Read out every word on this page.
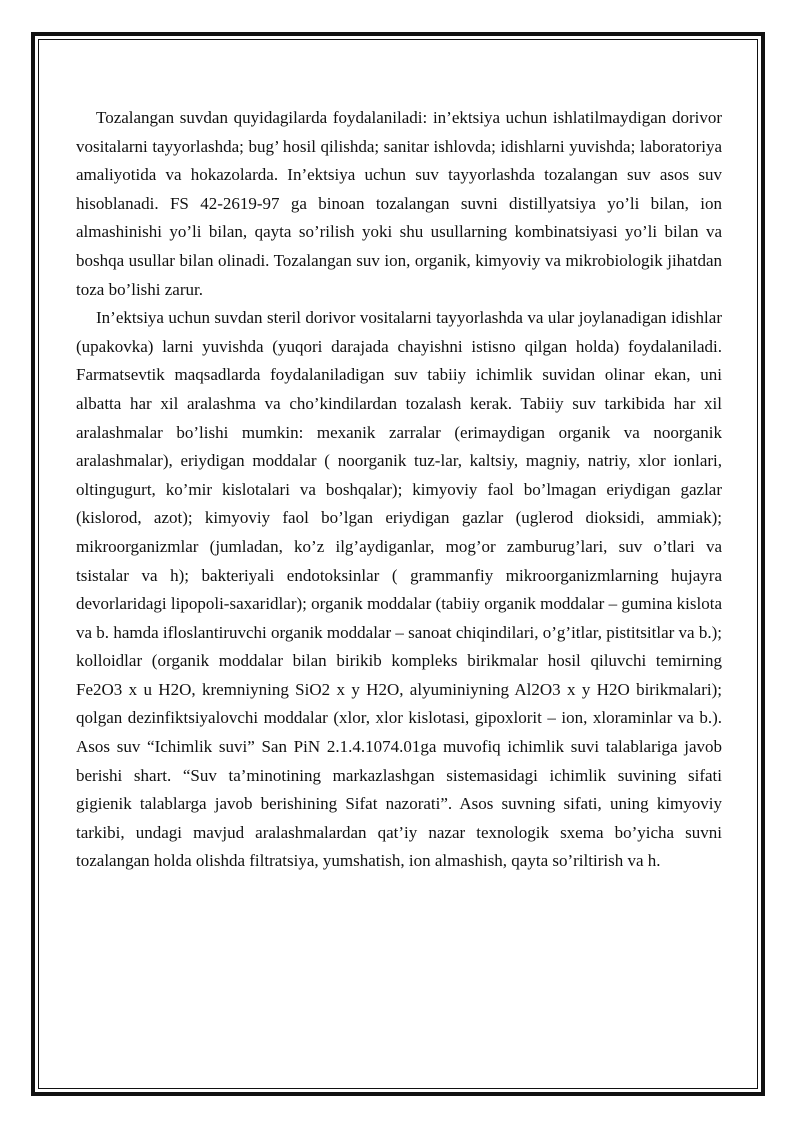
Tozalangan suvdan quyidagilarda foydalaniladi: in’ektsiya uchun ishlatilmaydigan dorivor vositalarni tayyorlashda; bug’ hosil qilishda; sanitar ishlovda; idishlarni yuvishda; laboratoriya amaliyotida va hokazolarda. In’ektsiya uchun suv tayyorlashda tozalangan suv asos suv hisoblanadi. FS 42-2619-97 ga binoan tozalangan suvni distillyatsiya yo’li bilan, ion almashinishi yo’li bilan, qayta so’rilish yoki shu usullarning kombinatsiyasi yo’li bilan va boshqa usullar bilan olinadi. Tozalangan suv ion, organik, kimyoviy va mikrobiologik jihatdan toza bo’lishi zarur.

In’ektsiya uchun suvdan steril dorivor vositalarni tayyorlashda va ular joylanadigan idishlar (upakovka) larni yuvishda (yuqori darajada chayishni istisno qilgan holda) foydalaniladi. Farmatsevtik maqsadlarda foydalaniladigan suv tabiiy ichimlik suvidan olinar ekan, uni albatta har xil aralashma va cho’kindilardan tozalash kerak. Tabiiy suv tarkibida har xil aralashmalar bo’lishi mumkin: mexanik zarralar (erimaydigan organik va noorganik aralashmalar), eriydigan moddalar ( noorganik tuz-lar, kaltsiy, magniy, natriy, xlor ionlari, oltingugurt, ko’mir kislotalari va boshqalar); kimyoviy faol bo’lmagan eriydigan gazlar (kislorod, azot); kimyoviy faol bo’lgan eriydigan gazlar (uglerod dioksidi, ammiak); mikroorganizmlar (jumladan, ko’z ilg’aydiganlar, mog’or zamburug’lari, suv o’tlari va tsistalar va h); bakteriyali endotoksinlar ( grammanfiy mikroorganizmlarning hujayra devorlaridagi lipopoli-saxaridlar); organik moddalar (tabiiy organik moddalar – gumina kislota va b. hamda ifloslantiruvchi organik moddalar – sanoat chiqindilari, o’g’itlar, pistitsitlar va b.); kolloidlar (organik moddalar bilan birikib kompleks birikmalar hosil qiluvchi temirning Fe2O3 x u H2O, kremniyning SiO2 x y H2O, alyuminiyning Al2O3 x y H2O birikmalari); qolgan dezinfiktsiyalovchi moddalar (xlor, xlor kislotasi, gipoxlorit – ion, xloraminlar va b.). Asos suv “Ichimlik suvi” San PiN 2.1.4.1074.01ga muvofiq ichimlik suvi talablariga javob berishi shart. “Suv ta’minotining markazlashgan sistemasidagi ichimlik suvining sifati gigienik talablarga javob berishining Sifat nazorati”. Asos suvning sifati, uning kimyoviy tarkibi, undagi mavjud aralashmalardan qat’iy nazar texnologik sxema bo’yicha suvni tozalangan holda olishda filtratsiya, yumshatish, ion almashish, qayta so’riltirish va h.
